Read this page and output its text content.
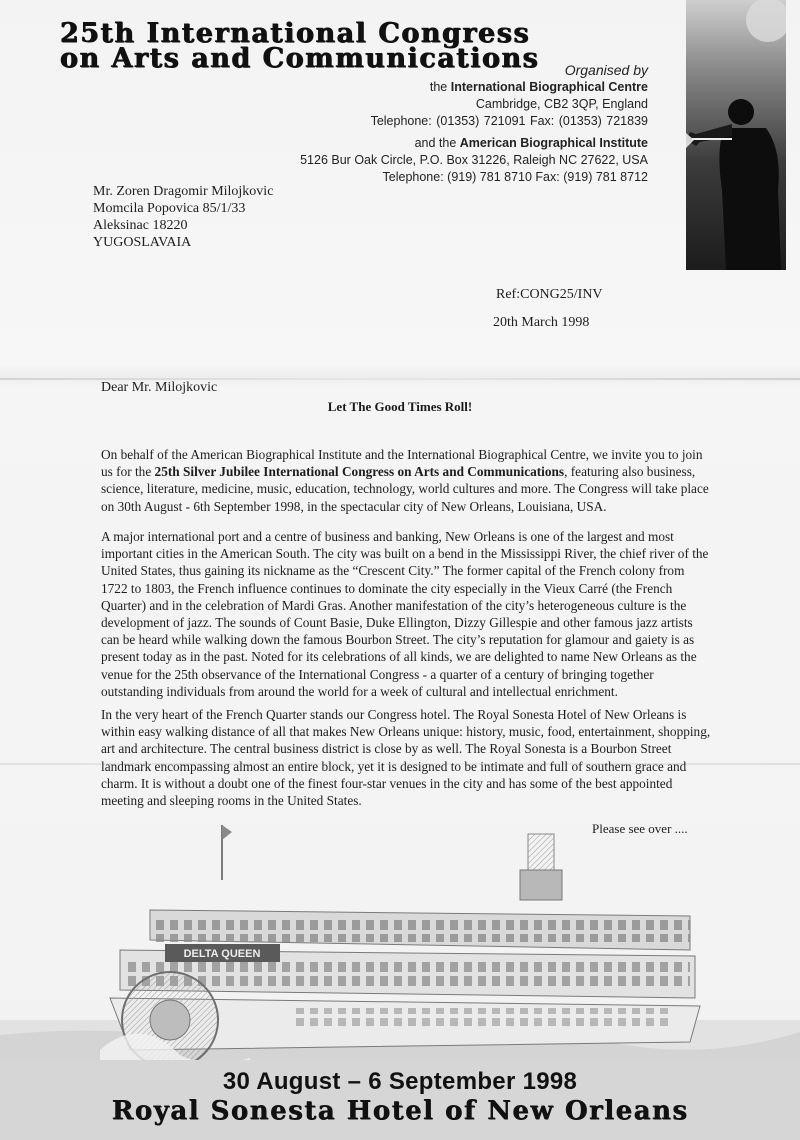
25th International Congress
on Arts and Communications	Organised by
the International Biographical Centre
Cambridge, CB2 3QP, England
Telephone: (01353) 721091 Fax: (01353) 721839
and the American Biographical Institute
5126 Bur Oak Circle, P.O. Box 31226, Raleigh NC 27622, USA
Telephone: (919) 781 8710 Fax: (919) 781 8712
Mr. Zoren Dragomir Milojkovic
Momcila Popovica 85/1/33
Aleksinac 18220
YUGOSLAVAIA
Ref:CONG25/INV
20th March 1998
Dear Mr. Milojkovic
Let The Good Times Roll!
On behalf of the American Biographical Institute and the International Biographical Centre, we invite you to join us for the 25th Silver Jubilee International Congress on Arts and Communications, featuring also business, science, literature, medicine, music, education, technology, world cultures and more. The Congress will take place on 30th August - 6th September 1998, in the spectacular city of New Orleans, Louisiana, USA.
A major international port and a centre of business and banking, New Orleans is one of the largest and most important cities in the American South. The city was built on a bend in the Mississippi River, the chief river of the United States, thus gaining its nickname as the “Crescent City.” The former capital of the French colony from 1722 to 1803, the French influence continues to dominate the city especially in the Vieux Carré (the French Quarter) and in the celebration of Mardi Gras. Another manifestation of the city’s heterogeneous culture is the development of jazz. The sounds of Count Basie, Duke Ellington, Dizzy Gillespie and other famous jazz artists can be heard while walking down the famous Bourbon Street. The city’s reputation for glamour and gaiety is as present today as in the past. Noted for its celebrations of all kinds, we are delighted to name New Orleans as the venue for the 25th observance of the International Congress - a quarter of a century of bringing together outstanding individuals from around the world for a week of cultural and intellectual enrichment.
In the very heart of the French Quarter stands our Congress hotel. The Royal Sonesta Hotel of New Orleans is within easy walking distance of all that makes New Orleans unique: history, music, food, entertainment, shopping, art and architecture. The central business district is close by as well. The Royal Sonesta is a Bourbon Street landmark encompassing almost an entire block, yet it is designed to be intimate and full of southern grace and charm. It is without a doubt one of the finest four-star venues in the city and has some of the best appointed meeting and sleeping rooms in the United States.
Please see over ....
DELTA QUEEN
30 August – 6 September 1998
Royal Sonesta Hotel of New Orleans
